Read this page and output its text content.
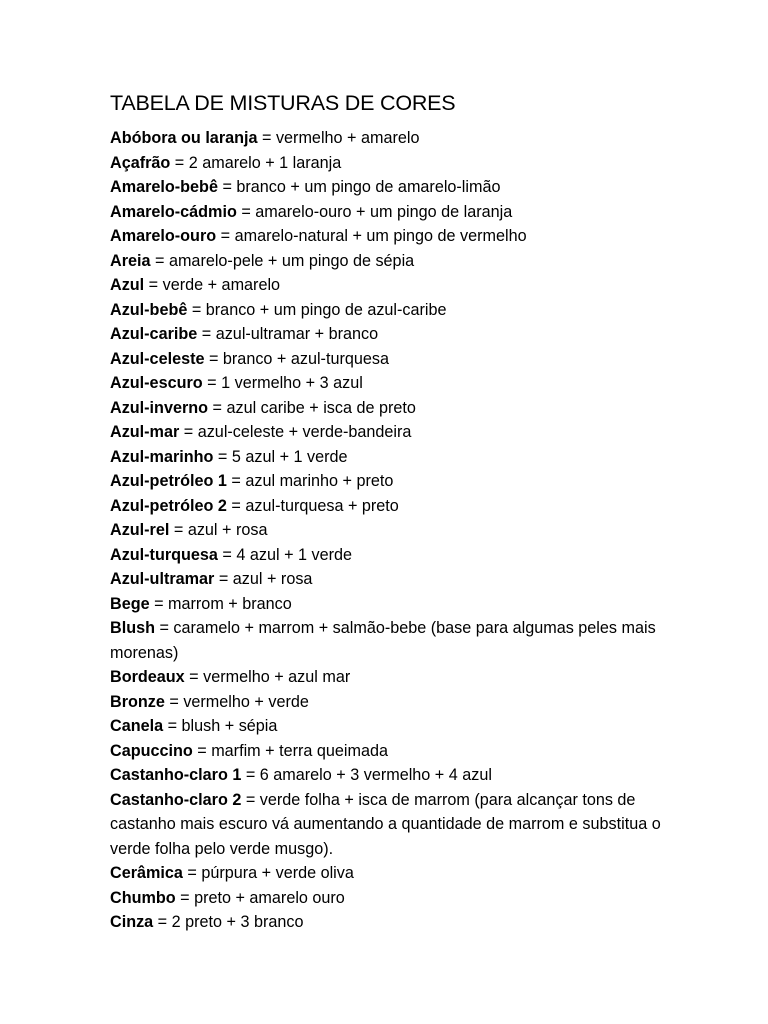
TABELA DE MISTURAS DE CORES
Abóbora ou laranja = vermelho + amarelo
Açafrão = 2 amarelo + 1 laranja
Amarelo-bebê = branco + um pingo de amarelo-limão
Amarelo-cádmio = amarelo-ouro + um pingo de laranja
Amarelo-ouro = amarelo-natural + um pingo de vermelho
Areia = amarelo-pele + um pingo de sépia
Azul = verde + amarelo
Azul-bebê = branco + um pingo de azul-caribe
Azul-caribe = azul-ultramar + branco
Azul-celeste = branco + azul-turquesa
Azul-escuro = 1 vermelho + 3 azul
Azul-inverno = azul caribe + isca de preto
Azul-mar = azul-celeste + verde-bandeira
Azul-marinho = 5 azul + 1 verde
Azul-petróleo 1 = azul marinho + preto
Azul-petróleo 2 = azul-turquesa + preto
Azul-rel = azul + rosa
Azul-turquesa = 4 azul + 1 verde
Azul-ultramar = azul + rosa
Bege = marrom + branco
Blush = caramelo + marrom + salmão-bebe (base para algumas peles mais morenas)
Bordeaux = vermelho + azul mar
Bronze = vermelho + verde
Canela = blush + sépia
Capuccino = marfim + terra queimada
Castanho-claro 1 = 6 amarelo + 3 vermelho + 4 azul
Castanho-claro 2 = verde folha + isca de marrom (para alcançar tons de castanho mais escuro vá aumentando a quantidade de marrom e substitua o verde folha pelo verde musgo).
Cerâmica = púrpura + verde oliva
Chumbo = preto + amarelo ouro
Cinza = 2 preto + 3 branco
